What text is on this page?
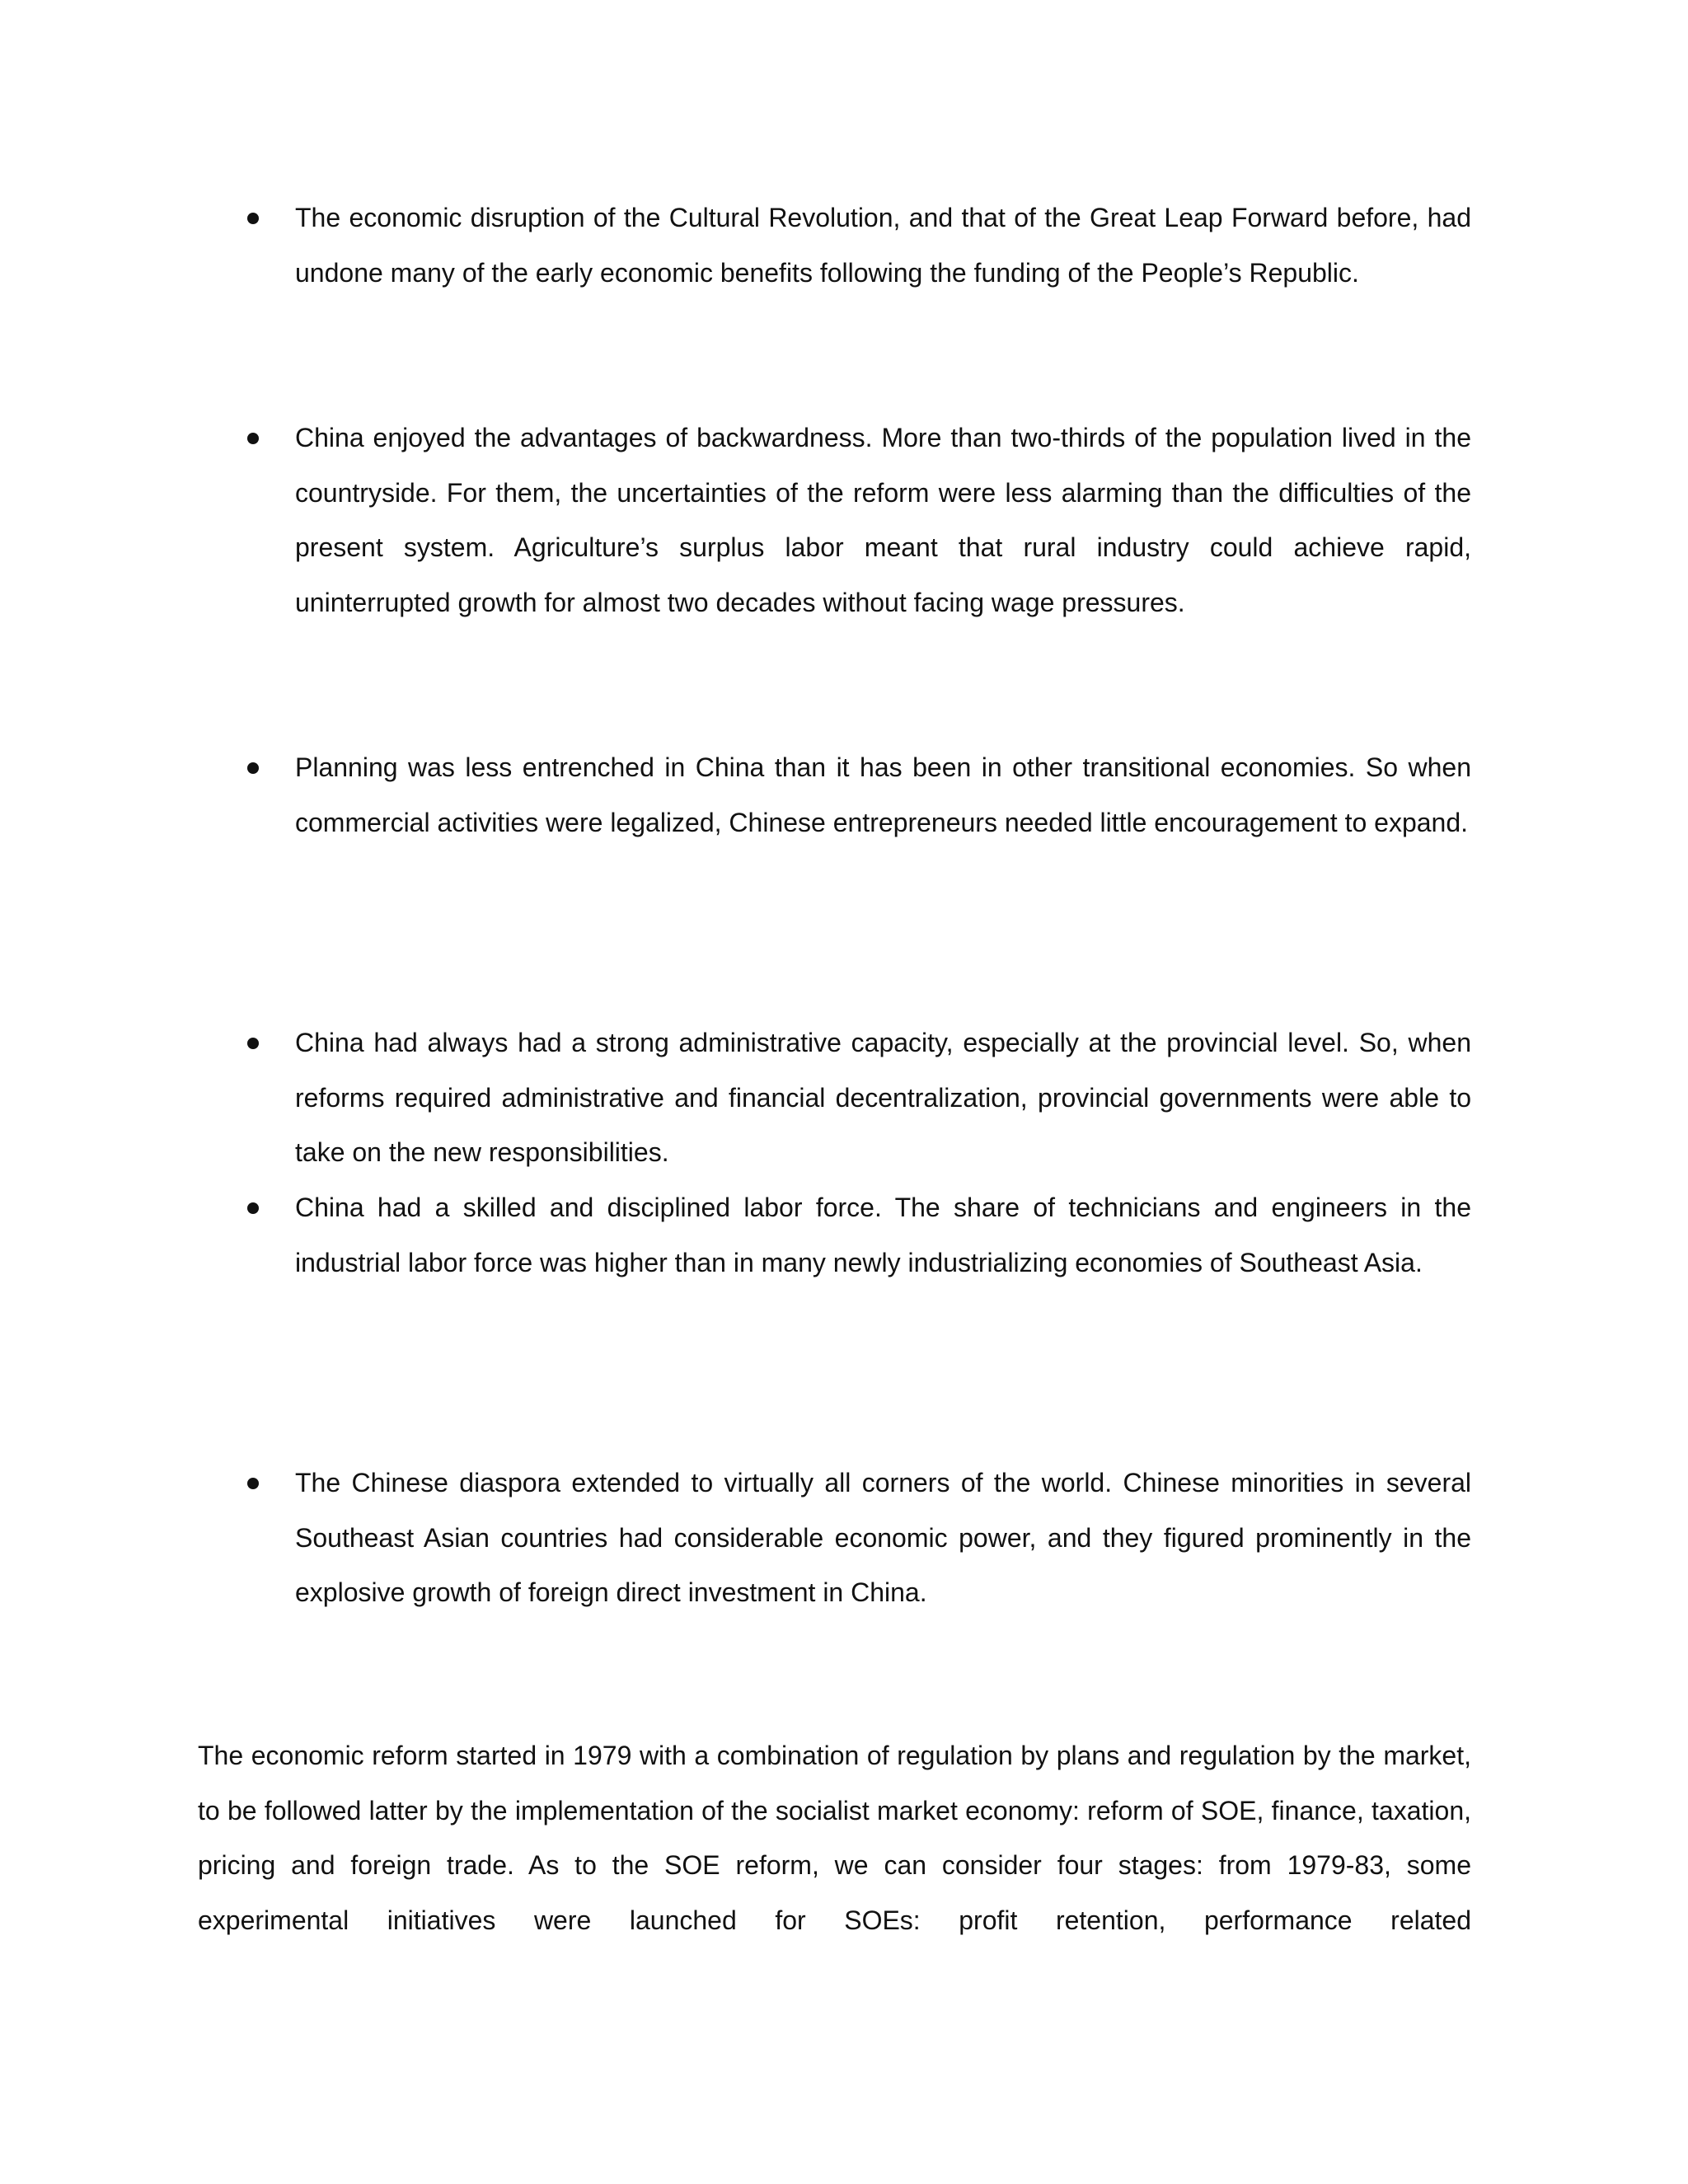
The economic disruption of the Cultural Revolution, and that of the Great Leap Forward before, had undone many of the early economic benefits following the funding of the People’s Republic.
China enjoyed the advantages of backwardness. More than two-thirds of the population lived in the countryside. For them, the uncertainties of the reform were less alarming than the difficulties of the present system. Agriculture’s surplus labor meant that rural industry could achieve rapid, uninterrupted growth for almost two decades without facing wage pressures.
Planning was less entrenched in China than it has been in other transitional economies. So when commercial activities were legalized, Chinese entrepreneurs needed little encouragement to expand.
China had always had a strong administrative capacity, especially at the provincial level. So, when reforms required administrative and financial decentralization, provincial governments were able to take on the new responsibilities.
China had a skilled and disciplined labor force. The share of technicians and engineers in the industrial labor force was higher than in many newly industrializing economies of Southeast Asia.
The Chinese diaspora extended to virtually all corners of the world. Chinese minorities in several Southeast Asian countries had considerable economic power, and they figured prominently in the explosive growth of foreign direct investment in China.
The economic reform started in 1979 with a combination of regulation by plans and regulation by the market, to be followed latter by the implementation of the socialist market economy: reform of SOE, finance, taxation, pricing and foreign trade. As to the SOE reform, we can consider four stages: from 1979-83, some experimental initiatives were launched for SOEs: profit retention, performance related
